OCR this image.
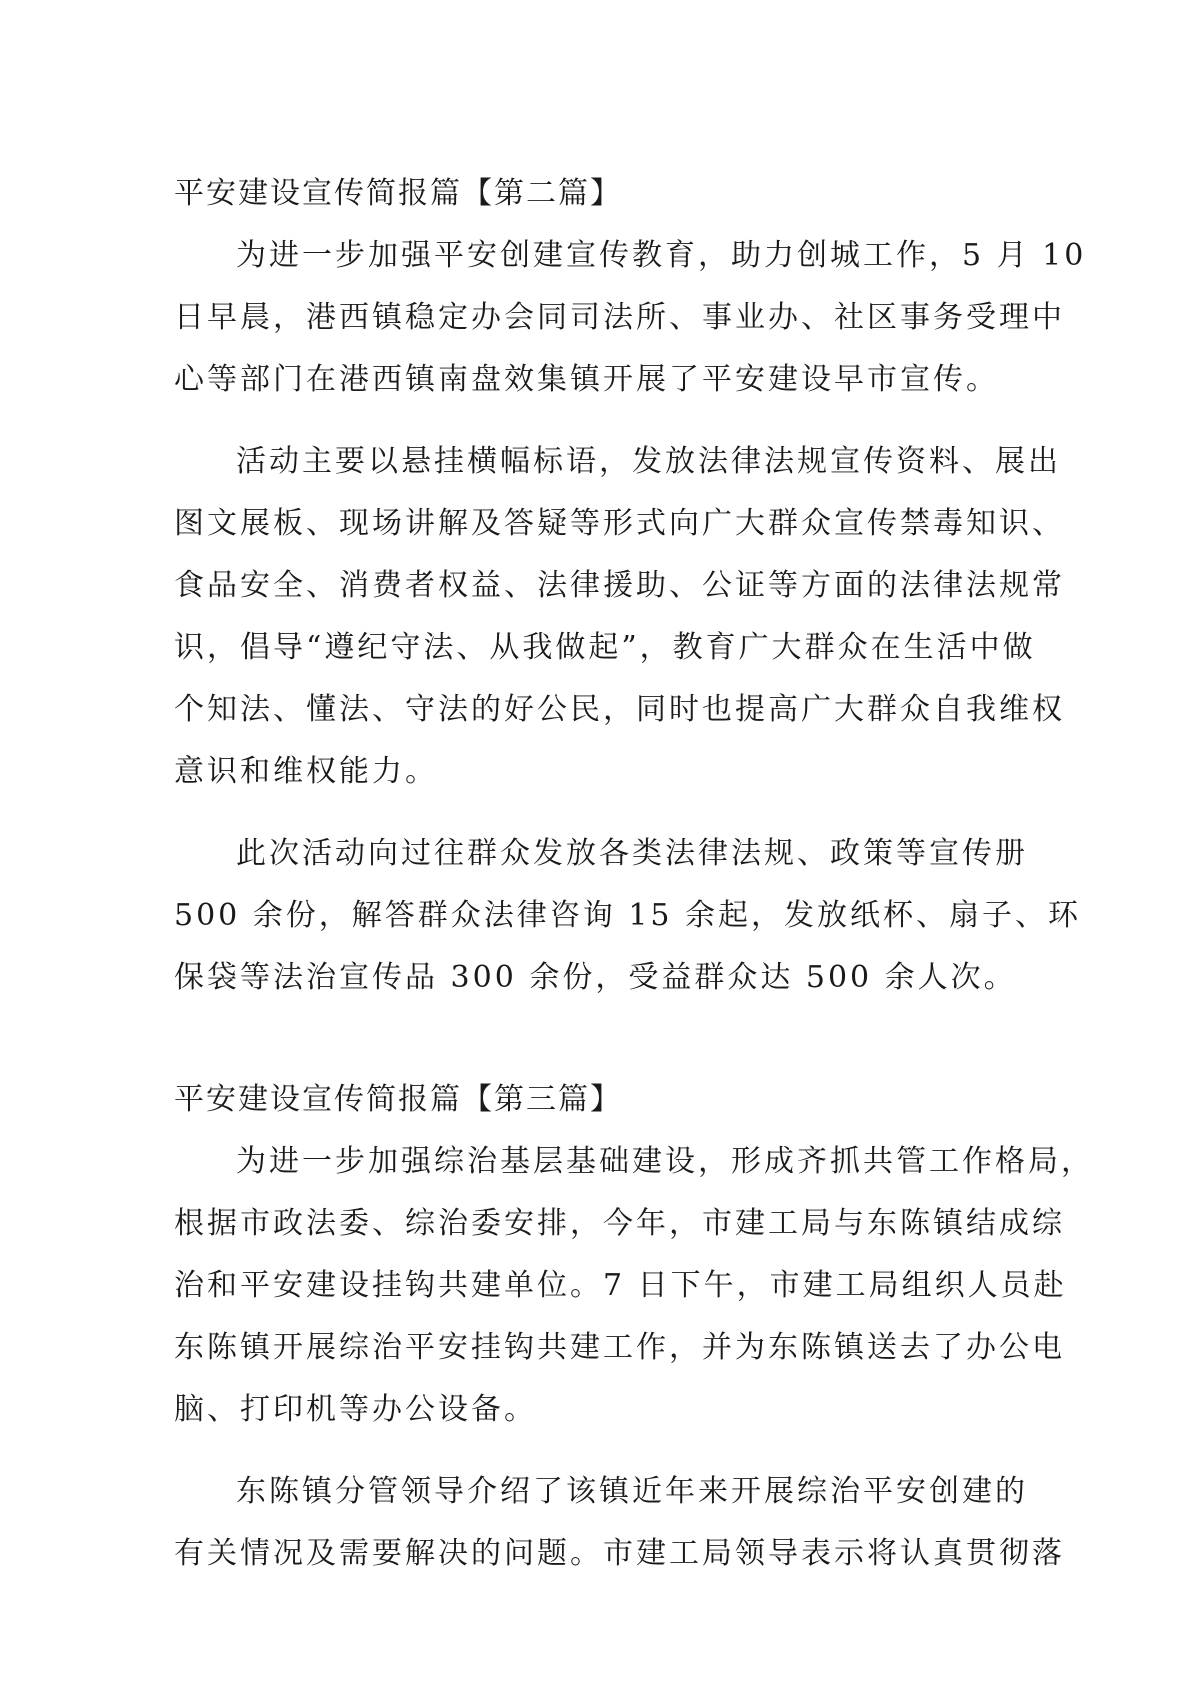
平安建设宣传简报篇【第二篇】
为进一步加强平安创建宣传教育，助力创城工作，5 月 10
日早晨，港西镇稳定办会同司法所、事业办、社区事务受理中
心等部门在港西镇南盘效集镇开展了平安建设早市宣传。
活动主要以悬挂横幅标语，发放法律法规宣传资料、展出
图文展板、现场讲解及答疑等形式向广大群众宣传禁毒知识、
食品安全、消费者权益、法律援助、公证等方面的法律法规常
识，倡导“遵纪守法、从我做起”，教育广大群众在生活中做
个知法、懂法、守法的好公民，同时也提高广大群众自我维权
意识和维权能力。
此次活动向过往群众发放各类法律法规、政策等宣传册
500 余份，解答群众法律咨询 15 余起，发放纸杯、扇子、环
保袋等法治宣传品 300 余份，受益群众达 500 余人次。
平安建设宣传简报篇【第三篇】
为进一步加强综治基层基础建设，形成齐抓共管工作格局，
根据市政法委、综治委安排，今年，市建工局与东陈镇结成综
治和平安建设挂钩共建单位。7 日下午，市建工局组织人员赴
东陈镇开展综治平安挂钩共建工作，并为东陈镇送去了办公电
脑、打印机等办公设备。
东陈镇分管领导介绍了该镇近年来开展综治平安创建的
有关情况及需要解决的问题。市建工局领导表示将认真贯彻落
